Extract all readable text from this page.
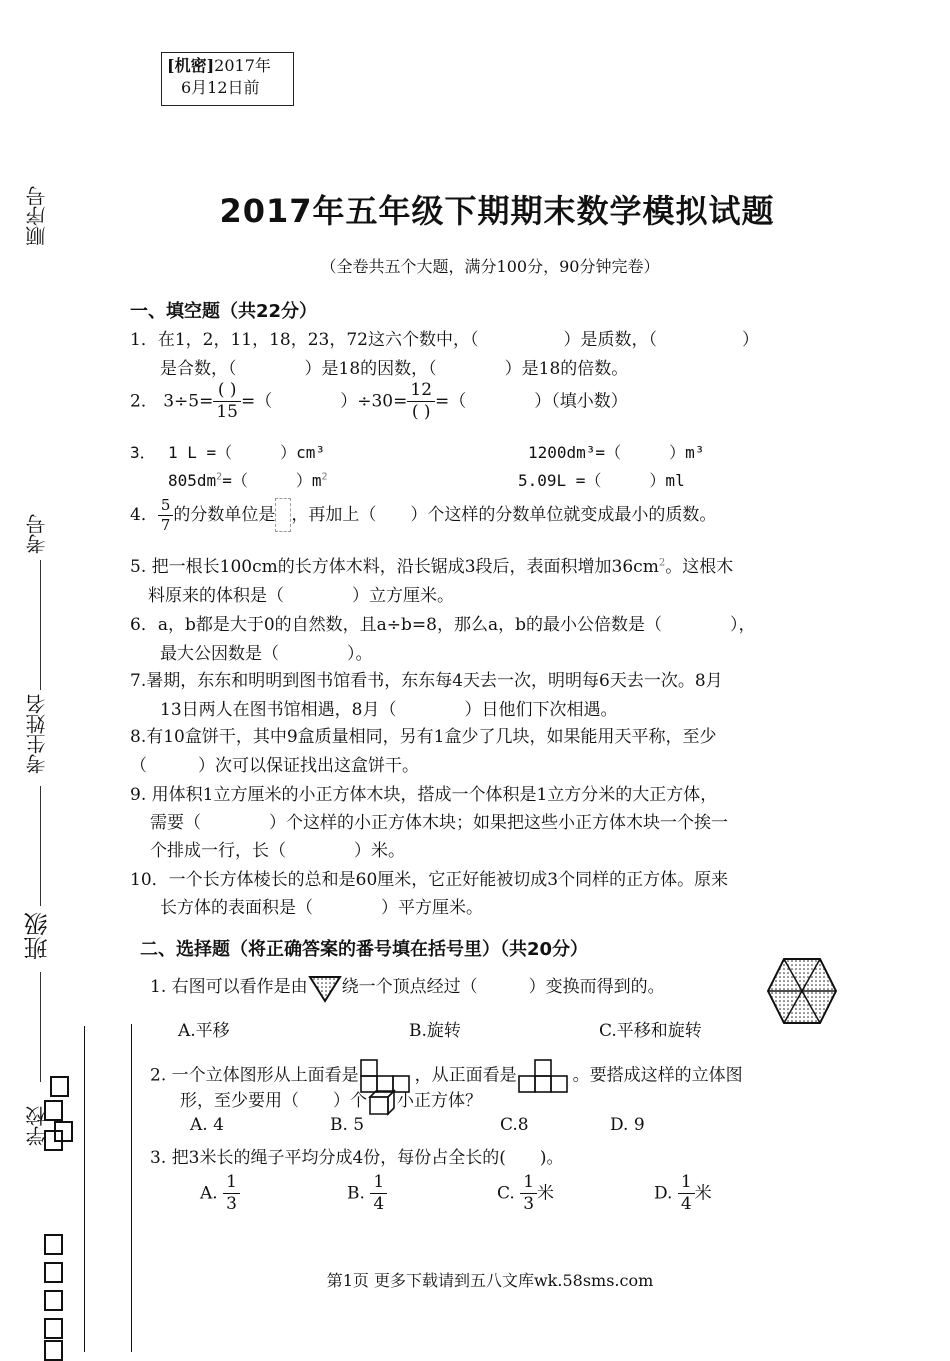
[机密]2017年
6月12日前
顺序号
考号
考生姓名
班级
学校
2017年五年级下期期末数学模拟试题
（全卷共五个大题，满分100分，90分钟完卷）
一、填空题（共22分）
1．在1，2，11，18，23，72这六个数中，（　　　　　）是质数，（　　　　　）
是合数，（　　　　）是18的因数，（　　　　）是18的倍数。
2． $3\div 5= \frac{( )}{15}$ =（　　　　）$\div 30= \frac{12}{( )}$ =（　　　　）（填小数）
3． 1 L =（　　　）cm³	1200dm³=（　　　）m³
$805dm^2=$（　　　）$m^2$	5.09L =（　　　）ml
4． $\frac{5}{7}$ 的分数单位是 ，再加上（　　）个这样的分数单位就变成最小的质数。
5. 把一根长100cm的长方体木料，沿长锯成3段后，表面积增加$36cm^2$。这根木
料原来的体积是（　　　　）立方厘米。
6．a，b都是大于0的自然数，且a÷b=8，那么a，b的最小公倍数是（　　　　），
最大公因数是（　　　　）。
7.暑期，东东和明明到图书馆看书，东东每4天去一次，明明每6天去一次。8月
13日两人在图书馆相遇，8月（　　　　）日他们下次相遇。
8.有10盒饼干，其中9盒质量相同，另有1盒少了几块，如果能用天平称，至少
（　　　）次可以保证找出这盒饼干。
9. 用体积1立方厘米的小正方体木块，搭成一个体积是1立方分米的大正方体，
需要（　　　　）个这样的小正方体木块；如果把这些小正方体木块一个挨一
个排成一行，长（　　　　）米。
10．一个长方体棱长的总和是60厘米，它正好能被切成3个同样的正方体。原来
长方体的表面积是（　　　　）平方厘米。
二、选择题（将正确答案的番号填在括号里）（共20分）
1. 右图可以看作是由 绕一个顶点经过（　　　）变换而得到的。
A.平移	B.旋转	C.平移和旋转
2. 一个立体图形从上面看是	，从正面看是	。要搭成这样的立体图
形，至少要用（　　）个 小正方体？
A. 4	B. 5	C.8	D. 9
3. 把3米长的绳子平均分成4份，每份占全长的(　　)。
A. $\frac{1}{3}$	B. $\frac{1}{4}$	C. $\frac{1}{3}$ 米	D. $\frac{1}{4}$ 米
第1页 更多下载请到五八文库wk.58sms.com
